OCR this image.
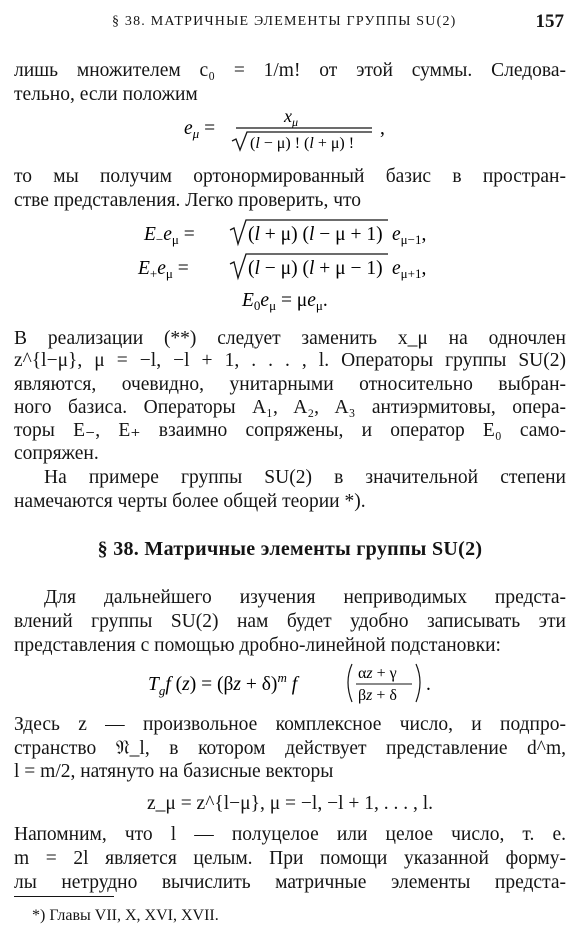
§ 38. МАТРИЧНЫЕ ЭЛЕМЕНТЫ ГРУППЫ SU(2)	157
лишь множителем c₀ = 1/m! от этой суммы. Следова-
тельно, если положим
$e_\mu$ =
$x_\mu$
(l − μ) ! (l + μ) !
,
то мы получим ортонормированный базис в простран-
стве представления. Легко проверить, что
$E_-e_\mu$ =	(l + μ) (l − μ + 1) $e_{\mu-1}$,
$E_+e_\mu$ =	(l − μ) (l + μ − 1) $e_{\mu+1}$,
$E_0e_\mu = \mu e_\mu$.
В реализации (**) следует заменить x_μ на одночлен
z^{l−μ}, μ = −l, −l + 1, . . . , l. Операторы группы SU(2)
являются, очевидно, унитарными относительно выбран-
ного базиса. Операторы A₁, A₂, A₃ антиэрмитовы, опера-
торы E₋, E₊ взаимно сопряжены, и оператор E₀ само-
сопряжен.
На примере группы SU(2) в значительной степени
намечаются черты более общей теории *).
§ 38. Матричные элементы группы SU(2)
Для дальнейшего изучения неприводимых предста-
влений группы SU(2) нам будет удобно записывать эти
представления с помощью дробно-линейной подстановки:
$T_gf$ $(z) = (\beta z + \delta)^m$ f
αz + γ
βz + δ
.
Здесь z — произвольное комплексное число, и подпро-
странство 𝔑_l, в котором действует представление d^m,
l = m/2, натянуто на базисные векторы
z_μ = z^{l−μ}, μ = −l, −l + 1, . . . , l.
Напомним, что l — полуцелое или целое число, т. е.
m = 2l является целым. При помощи указанной форму-
лы нетрудно вычислить матричные элементы предста-
*) Главы VII, X, XVI, XVII.
